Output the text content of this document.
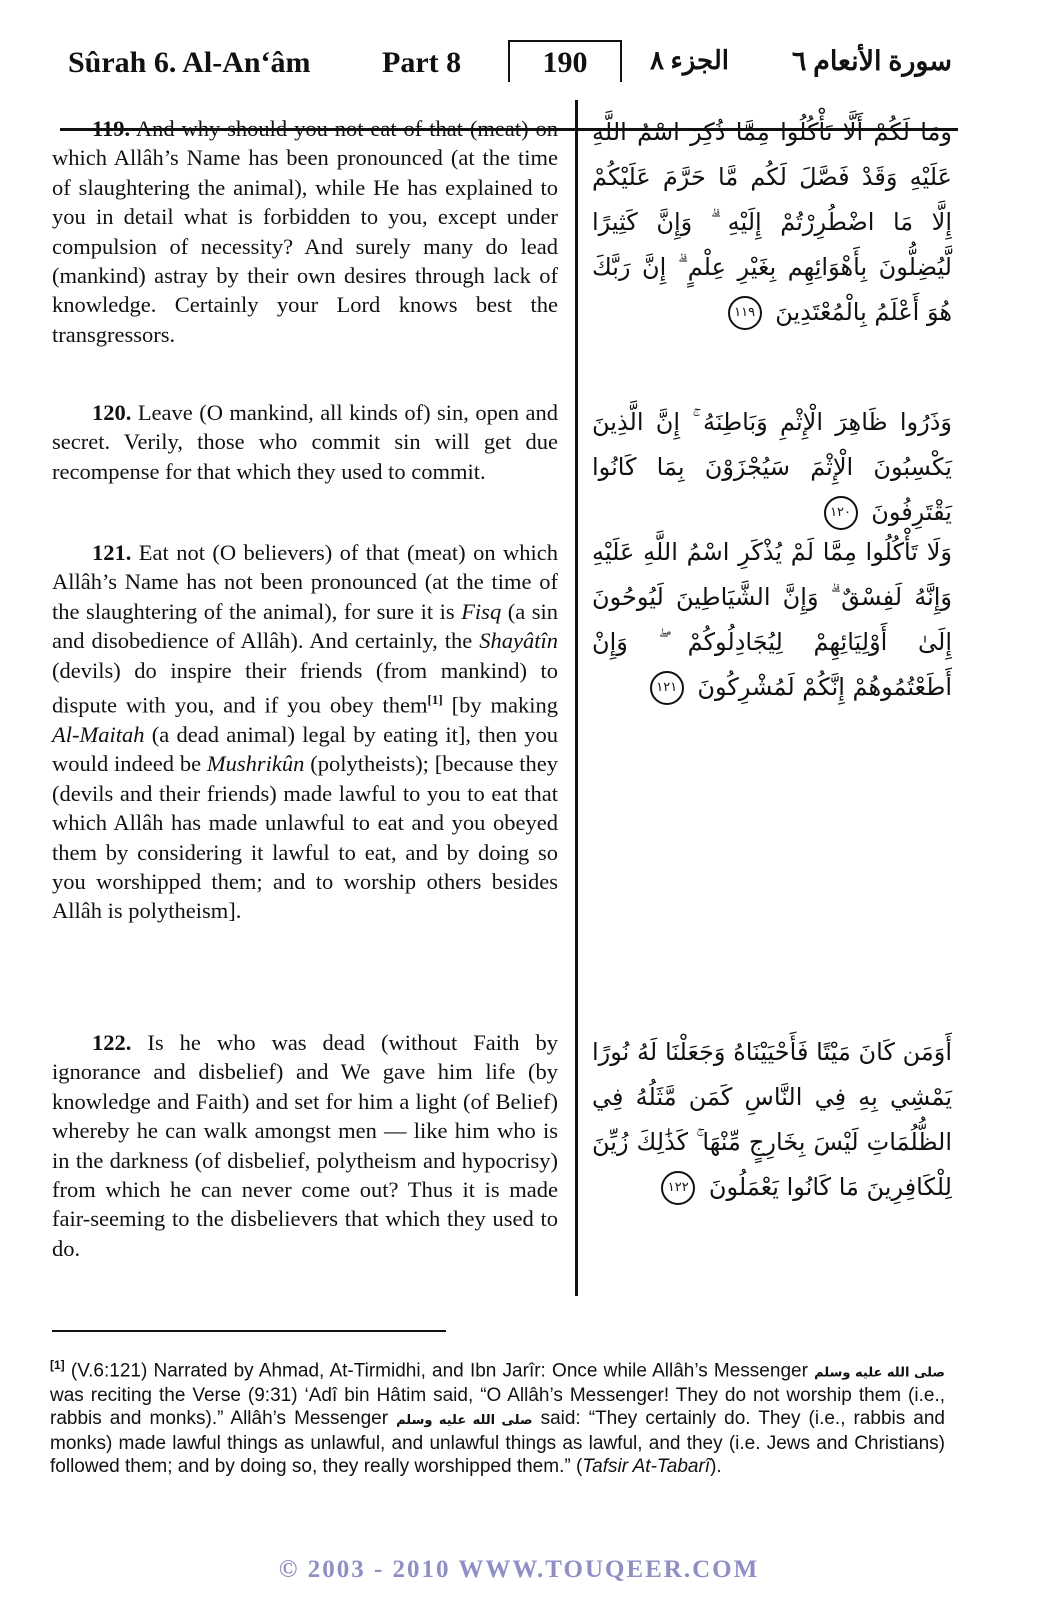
Sûrah 6. Al-An‘âm Part 8	190	الجزء ٨ سورة الأنعام ٦

119. And why should you not eat of that (meat) on which Allâh’s Name has been pronounced (at the time of slaughtering the animal), while He has explained to you in detail what is forbidden to you, except under compulsion of necessity? And surely many do lead (mankind) astray by their own desires through lack of knowledge. Certainly your Lord knows best the transgressors.

وَمَا لَكُمْ أَلَّا تَأْكُلُوا مِمَّا ذُكِرَ اسْمُ اللَّهِ عَلَيْهِ وَقَدْ فَصَّلَ لَكُم مَّا حَرَّمَ عَلَيْكُمْ إِلَّا مَا اضْطُرِرْتُمْ إِلَيْهِ ۗ وَإِنَّ كَثِيرًا لَّيُضِلُّونَ بِأَهْوَائِهِم بِغَيْرِ عِلْمٍ ۗ إِنَّ رَبَّكَ هُوَ أَعْلَمُ بِالْمُعْتَدِينَ ١١٩

120. Leave (O mankind, all kinds of) sin, open and secret. Verily, those who commit sin will get due recompense for that which they used to commit.

وَذَرُوا ظَاهِرَ الْإِثْمِ وَبَاطِنَهُ ۚ إِنَّ الَّذِينَ يَكْسِبُونَ الْإِثْمَ سَيُجْزَوْنَ بِمَا كَانُوا يَقْتَرِفُونَ ١٢٠

121. Eat not (O believers) of that (meat) on which Allâh’s Name has not been pronounced (at the time of the slaughtering of the animal), for sure it is Fisq (a sin and disobedience of Allâh). And certainly, the Shayâtîn (devils) do inspire their friends (from mankind) to dispute with you, and if you obey them[1] [by making Al-Maitah (a dead animal) legal by eating it], then you would indeed be Mushrikûn (polytheists); [because they (devils and their friends) made lawful to you to eat that which Allâh has made unlawful to eat and you obeyed them by considering it lawful to eat, and by doing so you worshipped them; and to worship others besides Allâh is polytheism].

وَلَا تَأْكُلُوا مِمَّا لَمْ يُذْكَرِ اسْمُ اللَّهِ عَلَيْهِ وَإِنَّهُ لَفِسْقٌ ۗ وَإِنَّ الشَّيَاطِينَ لَيُوحُونَ إِلَىٰ أَوْلِيَائِهِمْ لِيُجَادِلُوكُمْ ۖ وَإِنْ أَطَعْتُمُوهُمْ إِنَّكُمْ لَمُشْرِكُونَ ١٢١

122. Is he who was dead (without Faith by ignorance and disbelief) and We gave him life (by knowledge and Faith) and set for him a light (of Belief) whereby he can walk amongst men — like him who is in the darkness (of disbelief, polytheism and hypocrisy) from which he can never come out? Thus it is made fair-seeming to the disbelievers that which they used to do.

أَوَمَن كَانَ مَيْتًا فَأَحْيَيْنَاهُ وَجَعَلْنَا لَهُ نُورًا يَمْشِي بِهِ فِي النَّاسِ كَمَن مَّثَلُهُ فِي الظُّلُمَاتِ لَيْسَ بِخَارِجٍ مِّنْهَا ۚ كَذَٰلِكَ زُيِّنَ لِلْكَافِرِينَ مَا كَانُوا يَعْمَلُونَ ١٢٢

[1] (V.6:121) Narrated by Ahmad, At-Tirmidhi, and Ibn Jarîr: Once while Allâh’s Messenger صلى الله عليه وسلم was reciting the Verse (9:31) ‘Adî bin Hâtim said, “O Allâh’s Messenger! They do not worship them (i.e., rabbis and monks).” Allâh’s Messenger صلى الله عليه وسلم said: “They certainly do. They (i.e., rabbis and monks) made lawful things as unlawful, and unlawful things as lawful, and they (i.e. Jews and Christians) followed them; and by doing so, they really worshipped them.” (Tafsir At-Tabarî).

© 2003 - 2010 WWW.TOUQEER.COM
